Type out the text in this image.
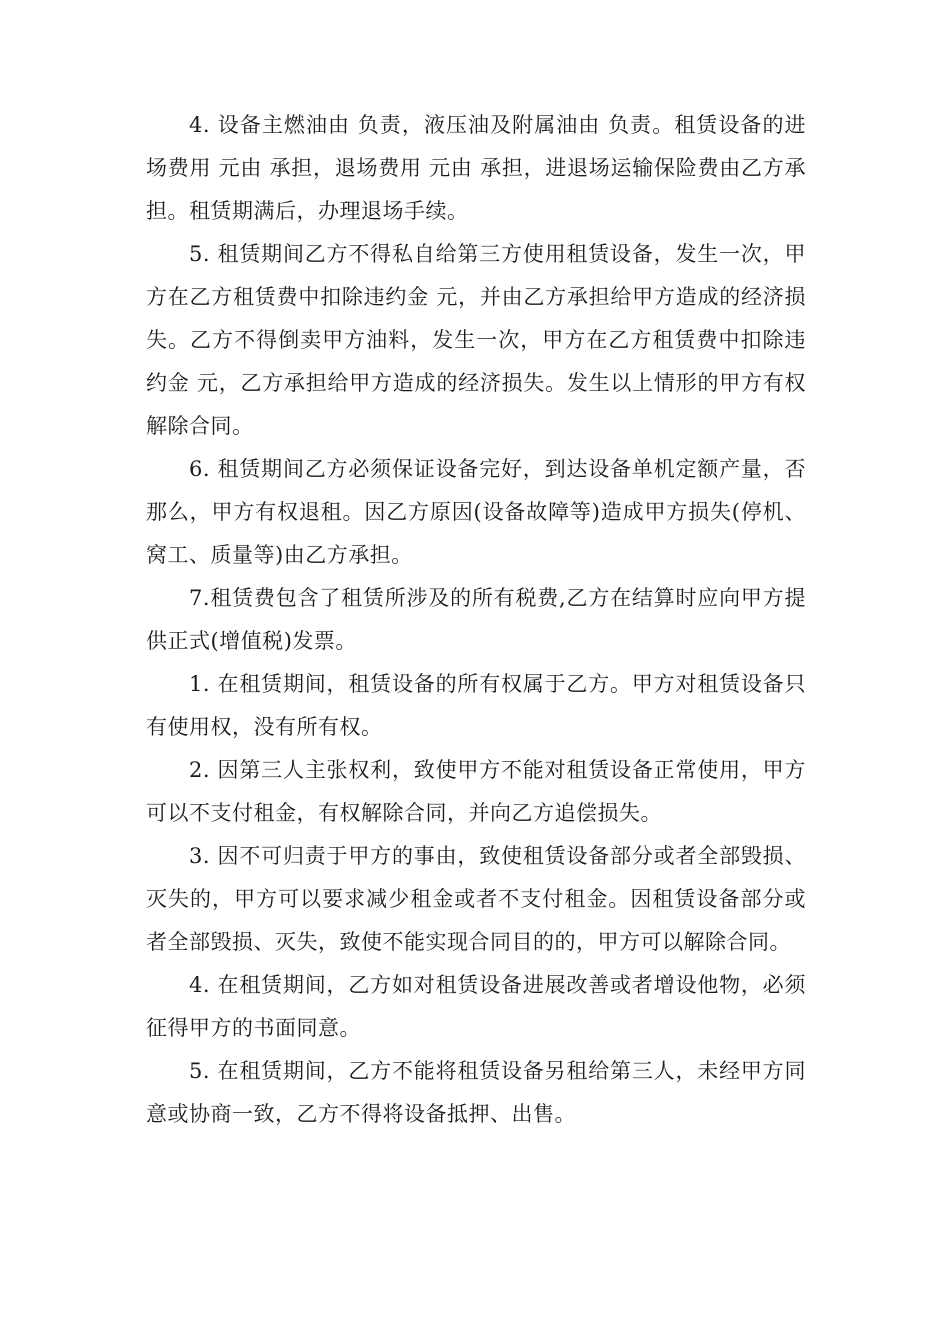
4. 设备主燃油由 负责，液压油及附属油由 负责。租赁设备的进场费用 元由 承担，退场费用 元由 承担，进退场运输保险费由乙方承担。租赁期满后，办理退场手续。

5. 租赁期间乙方不得私自给第三方使用租赁设备，发生一次，甲方在乙方租赁费中扣除违约金 元，并由乙方承担给甲方造成的经济损失。乙方不得倒卖甲方油料，发生一次，甲方在乙方租赁费中扣除违约金 元，乙方承担给甲方造成的经济损失。发生以上情形的甲方有权解除合同。

6. 租赁期间乙方必须保证设备完好，到达设备单机定额产量，否那么，甲方有权退租。因乙方原因(设备故障等)造成甲方损失(停机、窝工、质量等)由乙方承担。

7.租赁费包含了租赁所涉及的所有税费,乙方在结算时应向甲方提供正式(增值税)发票。

1. 在租赁期间，租赁设备的所有权属于乙方。甲方对租赁设备只有使用权，没有所有权。

2. 因第三人主张权利，致使甲方不能对租赁设备正常使用，甲方可以不支付租金，有权解除合同，并向乙方追偿损失。

3. 因不可归责于甲方的事由，致使租赁设备部分或者全部毁损、灭失的，甲方可以要求减少租金或者不支付租金。因租赁设备部分或者全部毁损、灭失，致使不能实现合同目的的，甲方可以解除合同。

4. 在租赁期间，乙方如对租赁设备进展改善或者增设他物，必须征得甲方的书面同意。

5. 在租赁期间，乙方不能将租赁设备另租给第三人，未经甲方同意或协商一致，乙方不得将设备抵押、出售。
